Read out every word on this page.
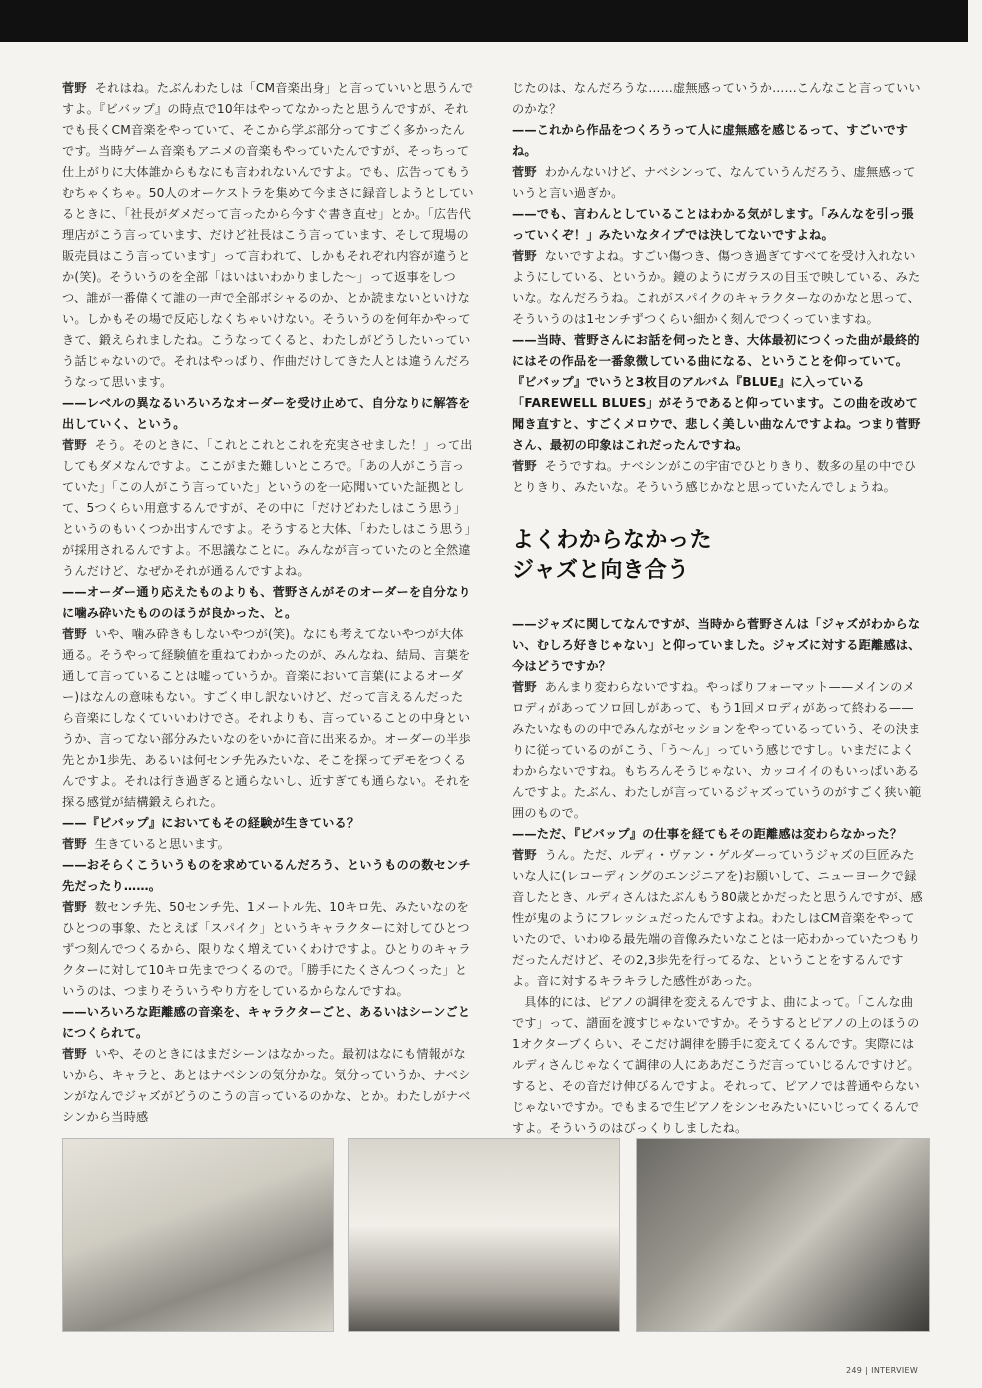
菅野 それはね。たぶんわたしは「CM音楽出身」と言っていいと思うんですよ。『ビバップ』の時点で10年はやってなかったと思うんですが、それでも長くCM音楽をやっていて、そこから学ぶ部分ってすごく多かったんです。当時ゲーム音楽もアニメの音楽もやっていたんですが、そっちって仕上がりに大体誰からもなにも言われないんですよ。でも、広告ってもうむちゃくちゃ。50人のオーケストラを集めて今まさに録音しようとしているときに、「社長がダメだって言ったから今すぐ書き直せ」とか。「広告代理店がこう言っています、だけど社長はこう言っています、そして現場の販売員はこう言っています」って言われて、しかもそれぞれ内容が違うとか(笑)。そういうのを全部「はいはいわかりました〜」って返事をしつつ、誰が一番偉くて誰の一声で全部ボシャるのか、とか読まないといけない。しかもその場で反応しなくちゃいけない。そういうのを何年かやってきて、鍛えられましたね。こうなってくると、わたしがどうしたいっていう話じゃないので。それはやっぱり、作曲だけしてきた人とは違うんだろうなって思います。

——レベルの異なるいろいろなオーダーを受け止めて、自分なりに解答を出していく、という。

菅野 そう。そのときに、「これとこれとこれを充実させました！」って出してもダメなんですよ。ここがまた難しいところで。「あの人がこう言っていた」「この人がこう言っていた」というのを一応聞いていた証拠として、5つくらい用意するんですが、その中に「だけどわたしはこう思う」というのもいくつか出すんですよ。そうすると大体、「わたしはこう思う」が採用されるんですよ。不思議なことに。みんなが言っていたのと全然違うんだけど、なぜかそれが通るんですよね。

——オーダー通り応えたものよりも、菅野さんがそのオーダーを自分なりに噛み砕いたもののほうが良かった、と。

菅野 いや、噛み砕きもしないやつが(笑)。なにも考えてないやつが大体通る。そうやって経験値を重ねてわかったのが、みんなね、結局、言葉を通して言っていることは嘘っていうか。音楽において言葉(によるオーダー)はなんの意味もない。すごく申し訳ないけど、だって言えるんだったら音楽にしなくていいわけでさ。それよりも、言っていることの中身というか、言ってない部分みたいなのをいかに音に出来るか。オーダーの半歩先とか1歩先、あるいは何センチ先みたいな、そこを探ってデモをつくるんですよ。それは行き過ぎると通らないし、近すぎても通らない。それを探る感覚が結構鍛えられた。

——『ビバップ』においてもその経験が生きている？

菅野 生きていると思います。

——おそらくこういうものを求めているんだろう、というものの数センチ先だったり……。

菅野 数センチ先、50センチ先、1メートル先、10キロ先、みたいなのをひとつの事象、たとえば「スパイク」というキャラクターに対してひとつずつ刻んでつくるから、限りなく増えていくわけですよ。ひとりのキャラクターに対して10キロ先までつくるので。「勝手にたくさんつくった」というのは、つまりそういうやり方をしているからなんですね。

——いろいろな距離感の音楽を、キャラクターごと、あるいはシーンごとにつくられて。

菅野 いや、そのときにはまだシーンはなかった。最初はなにも情報がないから、キャラと、あとはナベシンの気分かな。気分っていうか、ナベシンがなんでジャズがどうのこうの言っているのかな、とか。わたしがナベシンから当時感

じたのは、なんだろうな……虚無感っていうか……こんなこと言っていいのかな？

——これから作品をつくろうって人に虚無感を感じるって、すごいですね。

菅野 わかんないけど、ナベシンって、なんていうんだろう、虚無感っていうと言い過ぎか。

——でも、言わんとしていることはわかる気がします。「みんなを引っ張っていくぞ！」みたいなタイプでは決してないですよね。

菅野 ないですよね。すごい傷つき、傷つき過ぎてすべてを受け入れないようにしている、というか。鏡のようにガラスの目玉で映している、みたいな。なんだろうね。これがスパイクのキャラクターなのかなと思って、そういうのは1センチずつくらい細かく刻んでつくっていますね。

——当時、菅野さんにお話を伺ったとき、大体最初につくった曲が最終的にはその作品を一番象徴している曲になる、ということを仰っていて。『ビバップ』でいうと3枚目のアルバム『BLUE』に入っている「FAREWELL BLUES」がそうであると仰っています。この曲を改めて聞き直すと、すごくメロウで、悲しく美しい曲なんですよね。つまり菅野さん、最初の印象はこれだったんですね。

菅野 そうですね。ナベシンがこの宇宙でひとりきり、数多の星の中でひとりきり、みたいな。そういう感じかなと思っていたんでしょうね。

よくわからなかった
ジャズと向き合う

——ジャズに関してなんですが、当時から菅野さんは「ジャズがわからない、むしろ好きじゃない」と仰っていました。ジャズに対する距離感は、今はどうですか？

菅野 あんまり変わらないですね。やっぱりフォーマット——メインのメロディがあってソロ回しがあって、もう1回メロディがあって終わる——みたいなものの中でみんながセッションをやっているっていう、その決まりに従っているのがこう、「う〜ん」っていう感じですし。いまだによくわからないですね。もちろんそうじゃない、カッコイイのもいっぱいあるんですよ。たぶん、わたしが言っているジャズっていうのがすごく狭い範囲のもので。

——ただ、『ビバップ』の仕事を経てもその距離感は変わらなかった？

菅野 うん。ただ、ルディ・ヴァン・ゲルダーっていうジャズの巨匠みたいな人に(レコーディングのエンジニアを)お願いして、ニューヨークで録音したとき、ルディさんはたぶんもう80歳とかだったと思うんですが、感性が鬼のようにフレッシュだったんですよね。わたしはCM音楽をやっていたので、いわゆる最先端の音像みたいなことは一応わかっていたつもりだったんだけど、その2,3歩先を行ってるな、ということをするんですよ。音に対するキラキラした感性があった。

具体的には、ピアノの調律を変えるんですよ、曲によって。「こんな曲です」って、譜面を渡すじゃないですか。そうするとピアノの上のほうの1オクターブくらい、そこだけ調律を勝手に変えてくるんです。実際にはルディさんじゃなくて調律の人にああだこうだ言っていじるんですけど。すると、その音だけ伸びるんですよ。それって、ピアノでは普通やらないじゃないですか。でもまるで生ピアノをシンセみたいにいじってくるんですよ。そういうのはびっくりしましたね。

249 | INTERVIEW
